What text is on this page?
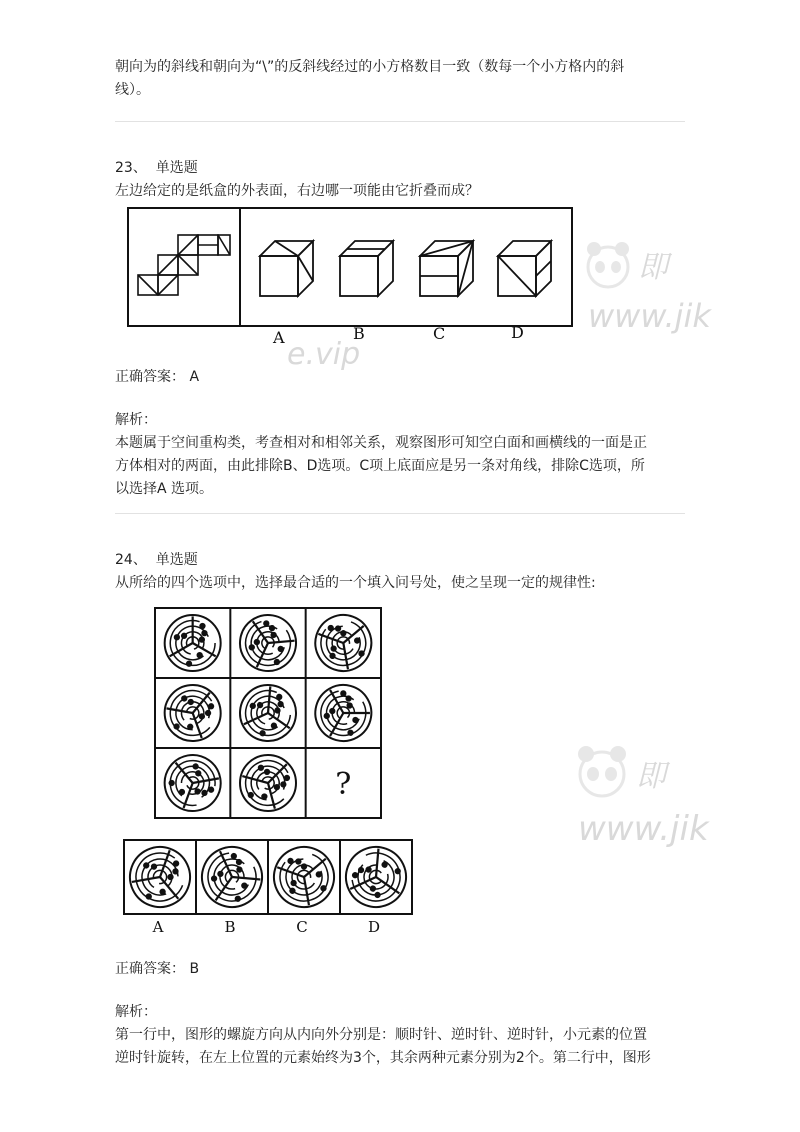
朝向为的斜线和朝向为“\”的反斜线经过的小方格数目一致（数每一个小方格内的斜
线）。
23、 单选题
左边给定的是纸盒的外表面，右边哪一项能由它折叠而成？
A	B	C	D
正确答案： A
解析：
本题属于空间重构类，考查相对和相邻关系，观察图形可知空白面和画横线的一面是正
方体相对的两面，由此排除B、D选项。C项上底面应是另一条对角线，排除C选项，所
以选择A 选项。
24、 单选题
从所给的四个选项中，选择最合适的一个填入问号处，使之呈现一定的规律性:
?
A	B	C	D
正确答案： B
解析：
第一行中，图形的螺旋方向从内向外分别是：顺时针、逆时针、逆时针，小元素的位置
逆时针旋转，在左上位置的元素始终为3个，其余两种元素分别为2个。第二行中，图形
即
www.jik
e.vip
即
www.jik
